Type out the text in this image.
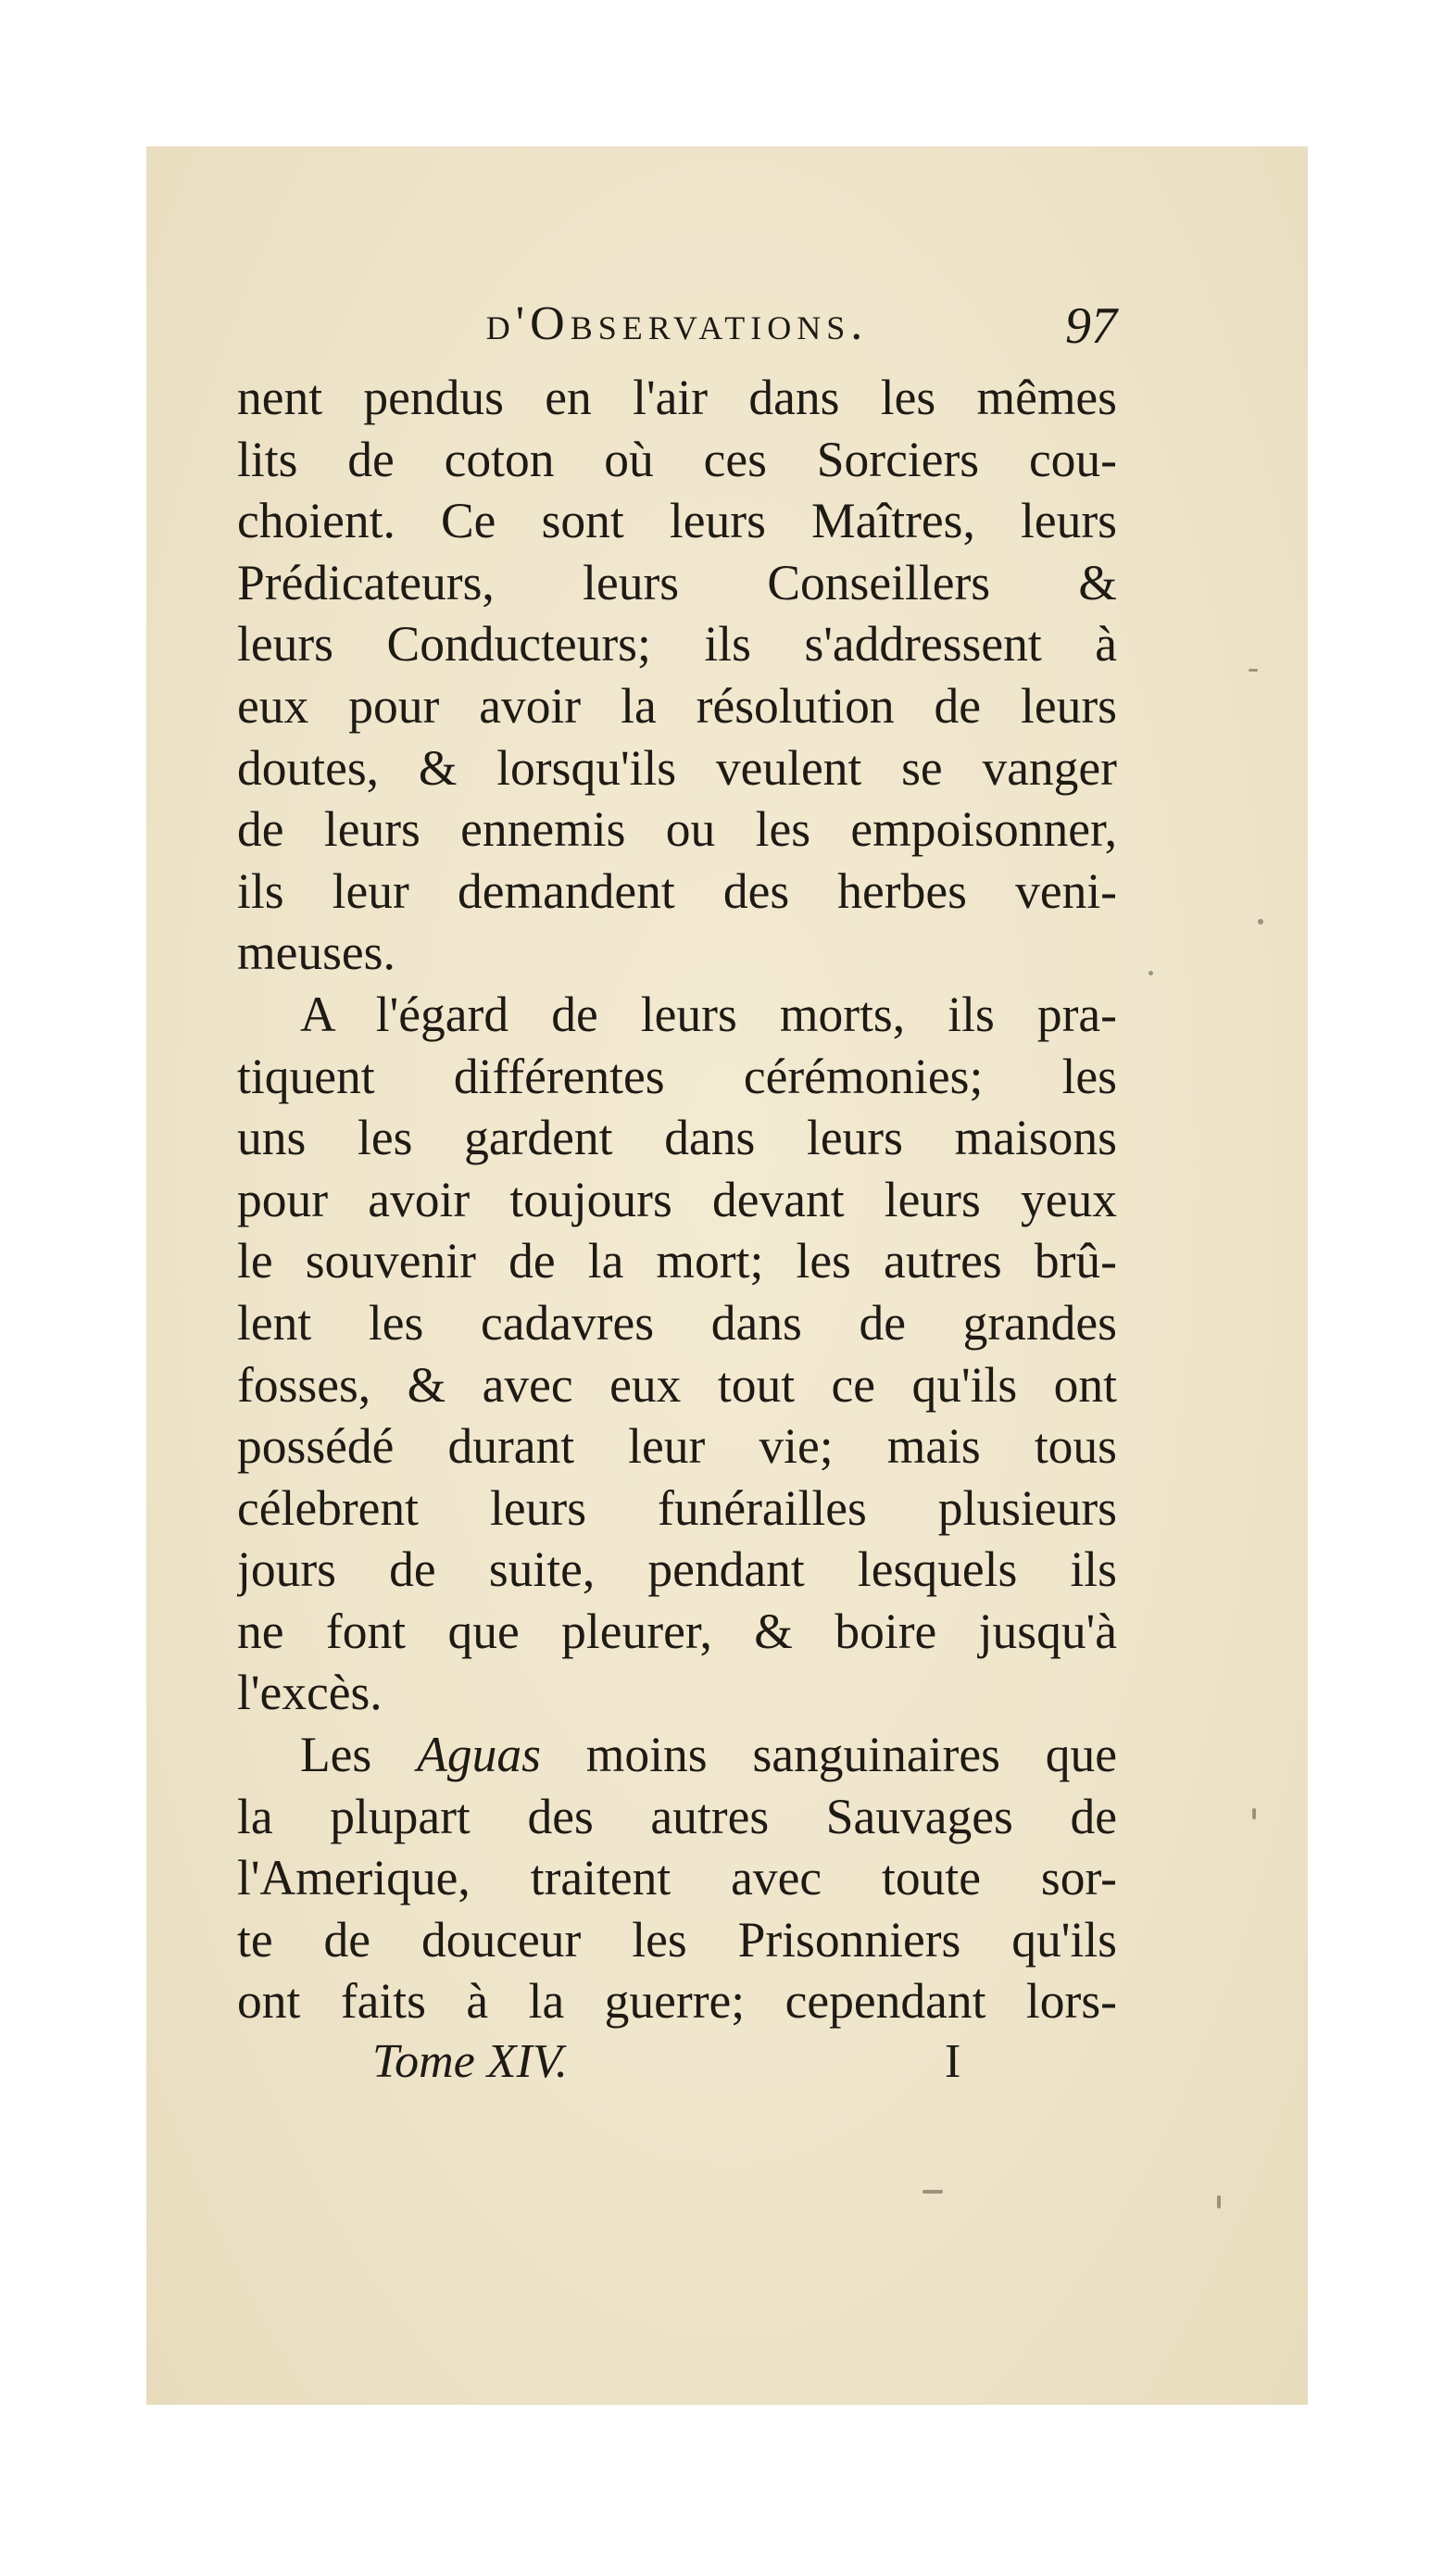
d'Observations.	97
nent pendus en l'air dans les mêmes
lits de coton où ces Sorciers cou-
choient. Ce sont leurs Maîtres, leurs
Prédicateurs, leurs Conseillers &
leurs Conducteurs; ils s'addressent à
eux pour avoir la résolution de leurs
doutes, & lorsqu'ils veulent se vanger
de leurs ennemis ou les empoisonner,
ils leur demandent des herbes veni-
meuses.
A l'égard de leurs morts, ils pra-
tiquent différentes cérémonies; les
uns les gardent dans leurs maisons
pour avoir toujours devant leurs yeux
le souvenir de la mort; les autres brû-
lent les cadavres dans de grandes
fosses, & avec eux tout ce qu'ils ont
possédé durant leur vie; mais tous
célebrent leurs funérailles plusieurs
jours de suite, pendant lesquels ils
ne font que pleurer, & boire jusqu'à
l'excès.
Les Aguas moins sanguinaires que
la plupart des autres Sauvages de
l'Amerique, traitent avec toute sor-
te de douceur les Prisonniers qu'ils
ont faits à la guerre; cependant lors-
Tome XIV.	I
